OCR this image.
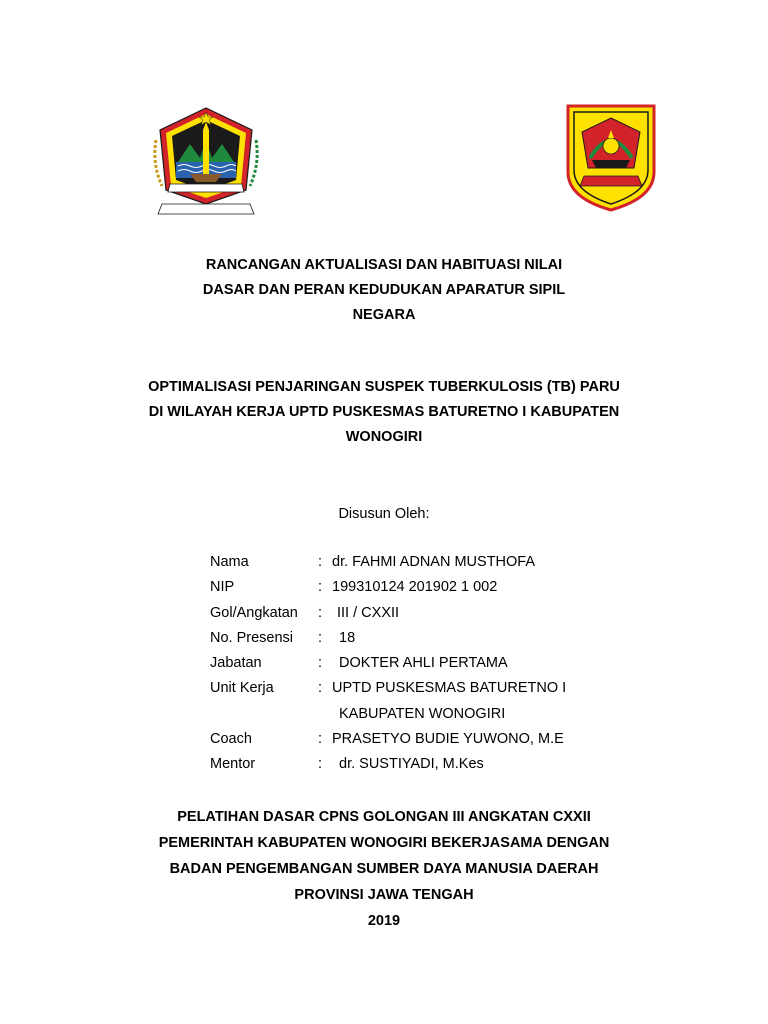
RANCANGAN AKTUALISASI DAN HABITUASI NILAI
DASAR DAN PERAN KEDUDUKAN APARATUR SIPIL
NEGARA
OPTIMALISASI PENJARINGAN SUSPEK TUBERKULOSIS (TB) PARU
DI WILAYAH KERJA UPTD PUSKESMAS BATURETNO I KABUPATEN
WONOGIRI
Disusun Oleh:
Nama	: dr. FAHMI ADNAN MUSTHOFA
NIP	: 199310124 201902 1 002
Gol/Angkatan : III / CXXII
No. Presensi : 18
Jabatan	: DOKTER AHLI PERTAMA
Unit Kerja	: UPTD PUSKESMAS BATURETNO I
KABUPATEN WONOGIRI
Coach	: PRASETYO BUDIE YUWONO, M.E
Mentor	: dr. SUSTIYADI, M.Kes
PELATIHAN DASAR CPNS GOLONGAN III ANGKATAN CXXII
PEMERINTAH KABUPATEN WONOGIRI BEKERJASAMA DENGAN
BADAN PENGEMBANGAN SUMBER DAYA MANUSIA DAERAH
PROVINSI JAWA TENGAH
2019
